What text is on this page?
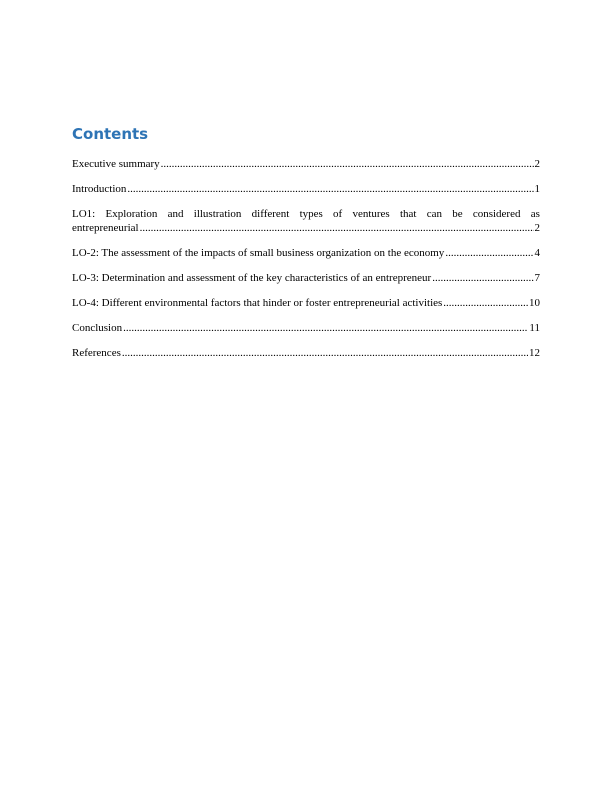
Contents
Executive summary .....	2
Introduction .....	1
LO1: Exploration and illustration different types of ventures that can be considered as
entrepreneurial .....	2
LO-2: The assessment of the impacts of small business organization on the economy .....	4
LO-3: Determination and assessment of the key characteristics of an entrepreneur .....	7
LO-4: Different environmental factors that hinder or foster entrepreneurial activities .....	10
Conclusion .....	11
References .....	12
